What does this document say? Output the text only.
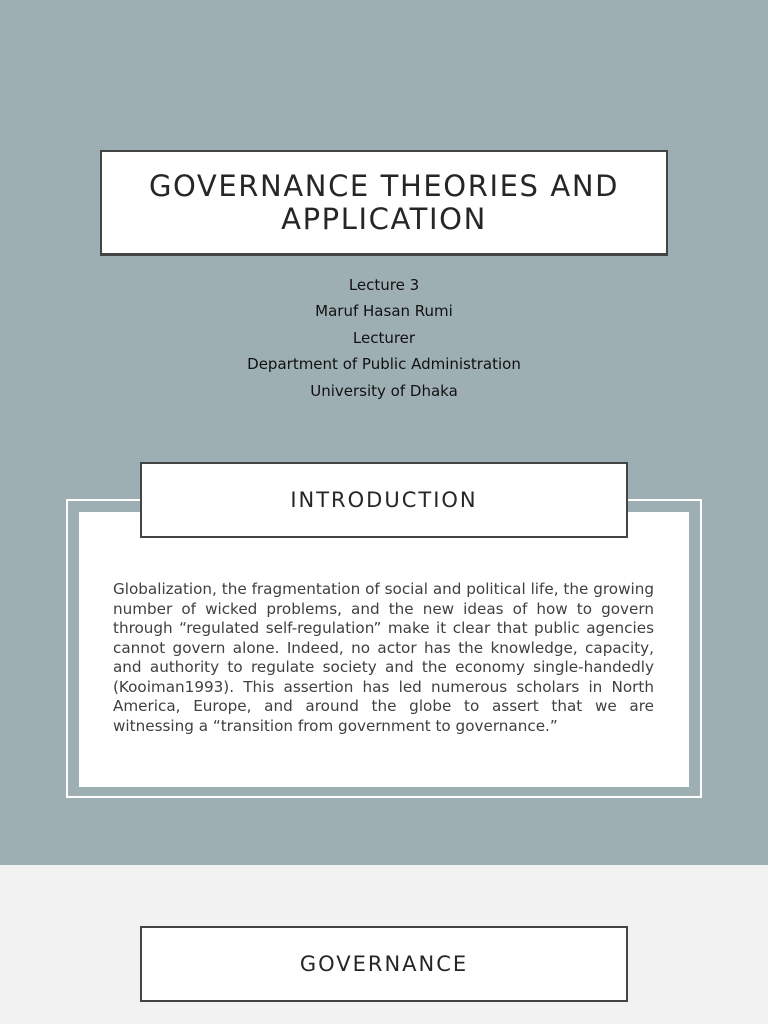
GOVERNANCE THEORIES AND APPLICATION
Lecture 3
Maruf Hasan Rumi
Lecturer
Department of Public Administration
University of Dhaka
Globalization, the fragmentation of social and political life, the growing number of wicked problems, and the new ideas of how to govern through “regulated self-regulation” make it clear that public agencies cannot govern alone. Indeed, no actor has the knowledge, capacity, and authority to regulate society and the economy single-handedly (Kooiman1993). This assertion has led numerous scholars in North America, Europe, and around the globe to assert that we are witnessing a “transition from government to governance.”
INTRODUCTION
GOVERNANCE
